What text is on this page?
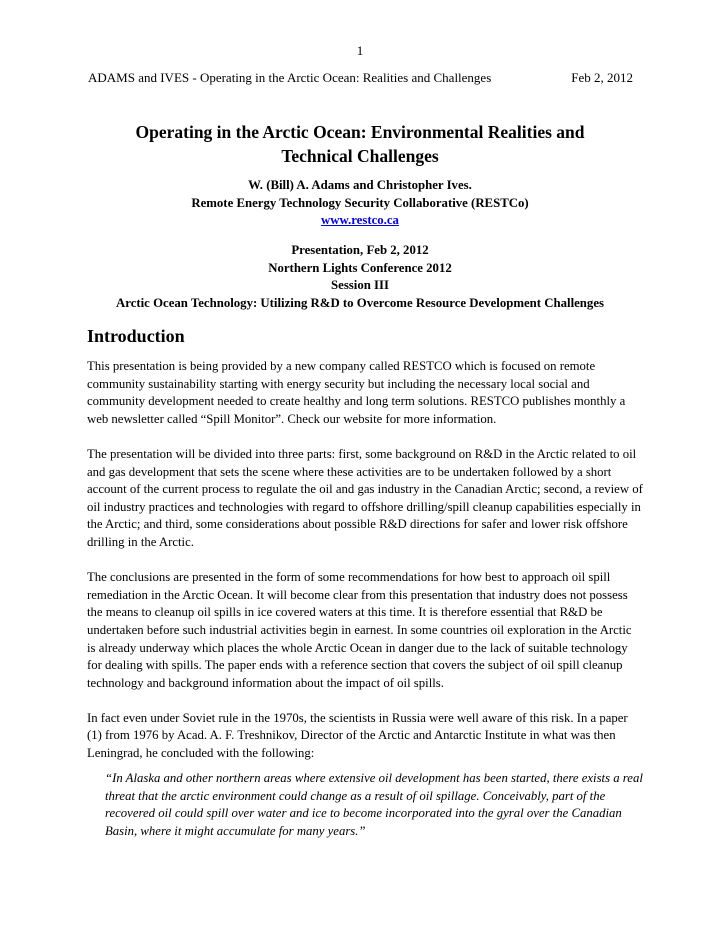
1
ADAMS and IVES - Operating in the Arctic Ocean: Realities and Challenges	Feb 2, 2012
Operating in the Arctic Ocean: Environmental Realities and
Technical Challenges
W. (Bill) A. Adams and Christopher Ives.
Remote Energy Technology Security Collaborative (RESTCo)
www.restco.ca
Presentation, Feb 2, 2012
Northern Lights Conference 2012
Session III
Arctic Ocean Technology: Utilizing R&D to Overcome Resource Development Challenges
Introduction

This presentation is being provided by a new company called RESTCO which is focused on remote community sustainability starting with energy security but including the necessary local social and community development needed to create healthy and long term solutions. RESTCO publishes monthly a web newsletter called “Spill Monitor”. Check our website for more information.

The presentation will be divided into three parts: first, some background on R&D in the Arctic related to oil and gas development that sets the scene where these activities are to be undertaken followed by a short account of the current process to regulate the oil and gas industry in the Canadian Arctic; second, a review of oil industry practices and technologies with regard to offshore drilling/spill cleanup capabilities especially in the Arctic; and third, some considerations about possible R&D directions for safer and lower risk offshore drilling in the Arctic.

The conclusions are presented in the form of some recommendations for how best to approach oil spill remediation in the Arctic Ocean. It will become clear from this presentation that industry does not possess the means to cleanup oil spills in ice covered waters at this time. It is therefore essential that R&D be undertaken before such industrial activities begin in earnest. In some countries oil exploration in the Arctic is already underway which places the whole Arctic Ocean in danger due to the lack of suitable technology for dealing with spills. The paper ends with a reference section that covers the subject of oil spill cleanup technology and background information about the impact of oil spills.

In fact even under Soviet rule in the 1970s, the scientists in Russia were well aware of this risk. In a paper (1) from 1976 by Acad. A. F. Treshnikov, Director of the Arctic and Antarctic Institute in what was then Leningrad, he concluded with the following:

“In Alaska and other northern areas where extensive oil development has been started, there exists a real threat that the arctic environment could change as a result of oil spillage. Conceivably, part of the recovered oil could spill over water and ice to become incorporated into the gyral over the Canadian Basin, where it might accumulate for many years.”
